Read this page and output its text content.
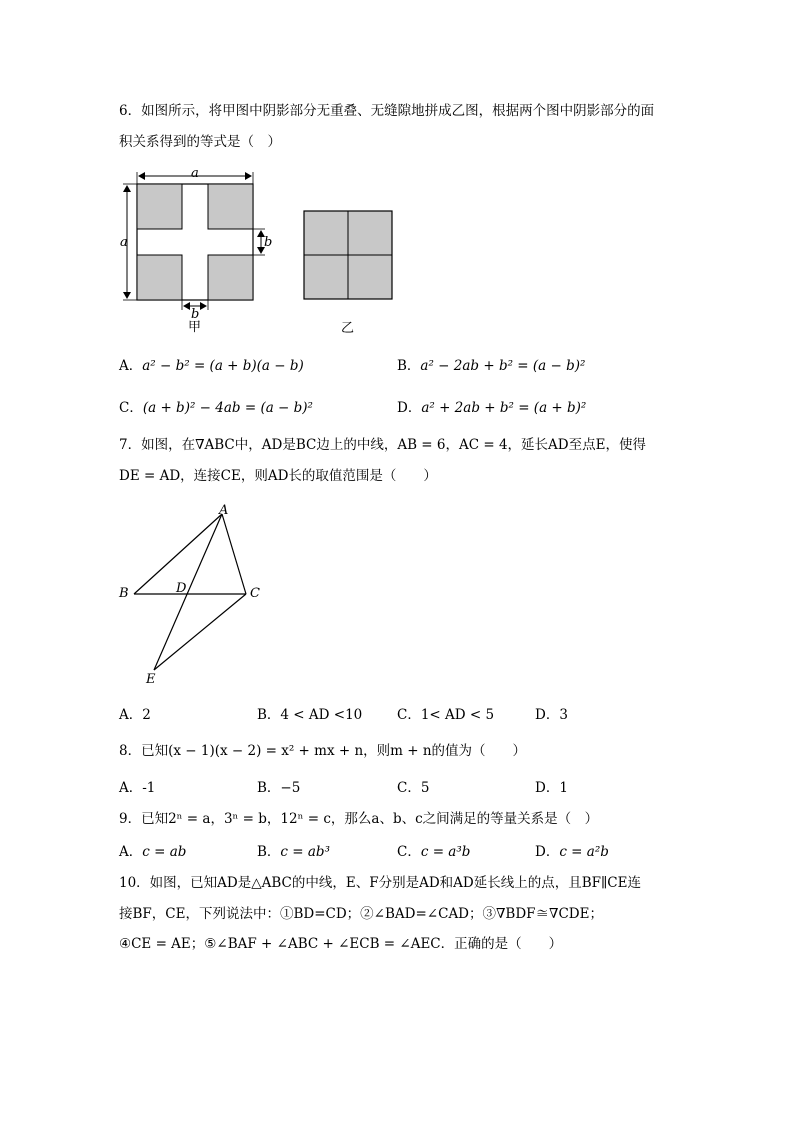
6．如图所示，将甲图中阴影部分无重叠、无缝隙地拼成乙图，根据两个图中阴影部分的面
积关系得到的等式是（　）
a
a	b
b
甲	乙
A．a² − b² = (a + b)(a − b)	B．a² − 2ab + b² = (a − b)²
C．(a + b)² − 4ab = (a − b)²	D．a² + 2ab + b² = (a + b)²
7．如图，在∇ABC中，AD是BC边上的中线，AB = 6，AC = 4，延长AD至点E，使得
DE = AD，连接CE，则AD长的取值范围是（　　）
A
B	C
D
E
A．2	B．4 < AD <10	C．1< AD < 5	D．3
8．已知(x − 1)(x − 2) = x² + mx + n，则m + n的值为（　　）
A．-1	B．−5	C．5	D．1
9．已知2ⁿ = a，3ⁿ = b，12ⁿ = c，那么a、b、c之间满足的等量关系是（　）
A．c = ab	B．c = ab³	C．c = a³b	D．c = a²b
10．如图，已知AD是△ABC的中线，E、F分别是AD和AD延长线上的点，且BF∥CE连
接BF，CE，下列说法中：①BD=CD；②∠BAD=∠CAD；③∇BDF≅∇CDE；
④CE = AE；⑤∠BAF + ∠ABC + ∠ECB = ∠AEC．正确的是（　　）
